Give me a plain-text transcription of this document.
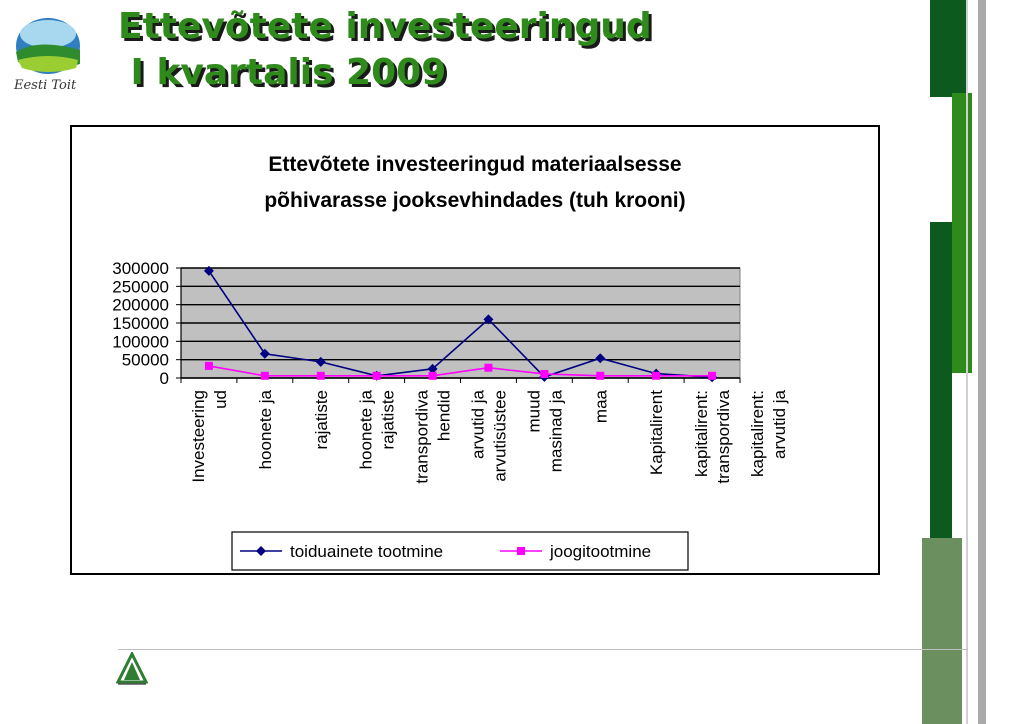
Eesti Toit
Ettevõtete investeeringud
I kvartalis 2009
Ettevõtete investeeringud materiaalsesse
põhivarasse jooksevhindades (tuh krooni)
0
50000
100000
150000
200000
250000
300000
Investeering ud hoonete ja rajatiste hoonete ja rajatiste transpordiva hendid arvutid ja arvutisüstee muud masinad ja maa Kapitalirent kapitalirent: transpordiva kapitalirent: arvutid ja
toiduainete tootmine	joogitootmine
